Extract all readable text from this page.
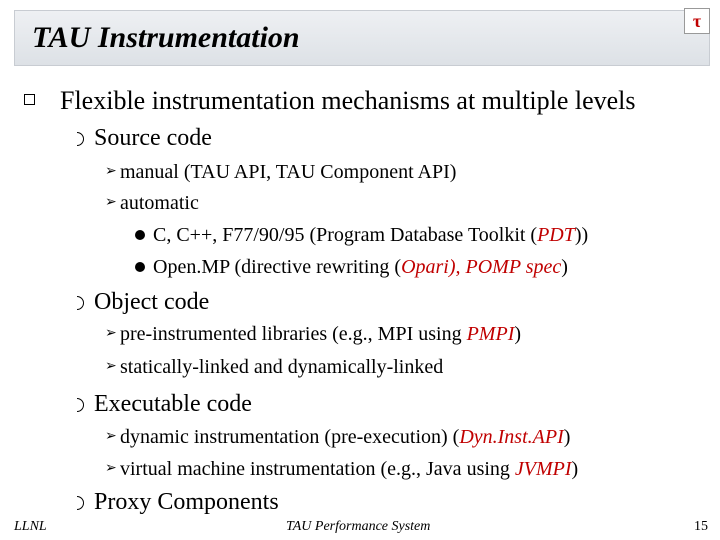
TAU Instrumentation	τ
Flexible instrumentation mechanisms at multiple levels
Source code
➢ manual (TAU API, TAU Component API)
➢ automatic
C, C++, F77/90/95 (Program Database Toolkit (PDT))
Open.MP (directive rewriting (Opari), POMP spec)
Object code
➢ pre-instrumented libraries (e.g., MPI using PMPI)
➢ statically-linked and dynamically-linked
Executable code
➢ dynamic instrumentation (pre-execution) (Dyn.Inst.API)
➢ virtual machine instrumentation (e.g., Java using JVMPI)
Proxy Components
LLNL	TAU Performance System	15
